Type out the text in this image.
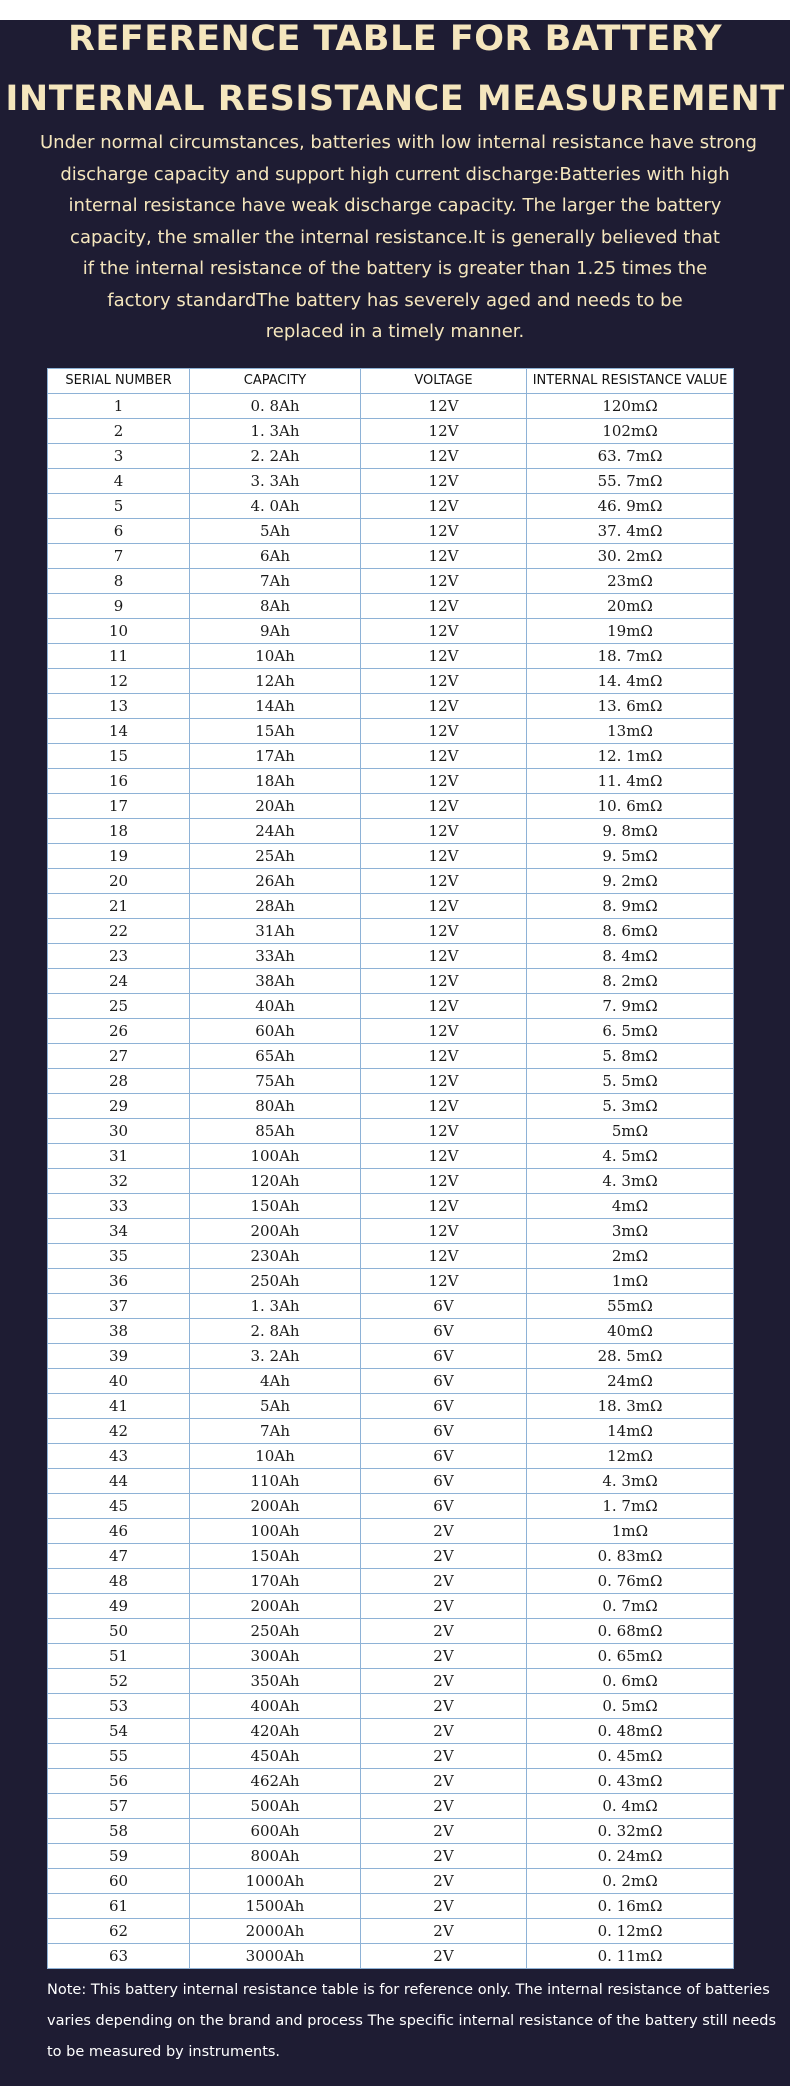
REFERENCE TABLE FOR BATTERY
INTERNAL RESISTANCE MEASUREMENT
Under normal circumstances, batteries with low internal resistance have strong
discharge capacity and support high current discharge:Batteries with high
internal resistance have weak discharge capacity. The larger the battery
capacity, the smaller the internal resistance.It is generally believed that
if the internal resistance of the battery is greater than 1.25 times the
factory standardThe battery has severely aged and needs to be
replaced in a timely manner.
SERIAL NUMBER	CAPACITY	VOLTAGE	INTERNAL RESISTANCE VALUE
1	0. 8Ah	12V	120mΩ
2	1. 3Ah	12V	102mΩ
3	2. 2Ah	12V	63. 7mΩ
4	3. 3Ah	12V	55. 7mΩ
5	4. 0Ah	12V	46. 9mΩ
6	5Ah	12V	37. 4mΩ
7	6Ah	12V	30. 2mΩ
8	7Ah	12V	23mΩ
9	8Ah	12V	20mΩ
10	9Ah	12V	19mΩ
11	10Ah	12V	18. 7mΩ
12	12Ah	12V	14. 4mΩ
13	14Ah	12V	13. 6mΩ
14	15Ah	12V	13mΩ
15	17Ah	12V	12. 1mΩ
16	18Ah	12V	11. 4mΩ
17	20Ah	12V	10. 6mΩ
18	24Ah	12V	9. 8mΩ
19	25Ah	12V	9. 5mΩ
20	26Ah	12V	9. 2mΩ
21	28Ah	12V	8. 9mΩ
22	31Ah	12V	8. 6mΩ
23	33Ah	12V	8. 4mΩ
24	38Ah	12V	8. 2mΩ
25	40Ah	12V	7. 9mΩ
26	60Ah	12V	6. 5mΩ
27	65Ah	12V	5. 8mΩ
28	75Ah	12V	5. 5mΩ
29	80Ah	12V	5. 3mΩ
30	85Ah	12V	5mΩ
31	100Ah	12V	4. 5mΩ
32	120Ah	12V	4. 3mΩ
33	150Ah	12V	4mΩ
34	200Ah	12V	3mΩ
35	230Ah	12V	2mΩ
36	250Ah	12V	1mΩ
37	1. 3Ah	6V	55mΩ
38	2. 8Ah	6V	40mΩ
39	3. 2Ah	6V	28. 5mΩ
40	4Ah	6V	24mΩ
41	5Ah	6V	18. 3mΩ
42	7Ah	6V	14mΩ
43	10Ah	6V	12mΩ
44	110Ah	6V	4. 3mΩ
45	200Ah	6V	1. 7mΩ
46	100Ah	2V	1mΩ
47	150Ah	2V	0. 83mΩ
48	170Ah	2V	0. 76mΩ
49	200Ah	2V	0. 7mΩ
50	250Ah	2V	0. 68mΩ
51	300Ah	2V	0. 65mΩ
52	350Ah	2V	0. 6mΩ
53	400Ah	2V	0. 5mΩ
54	420Ah	2V	0. 48mΩ
55	450Ah	2V	0. 45mΩ
56	462Ah	2V	0. 43mΩ
57	500Ah	2V	0. 4mΩ
58	600Ah	2V	0. 32mΩ
59	800Ah	2V	0. 24mΩ
60	1000Ah	2V	0. 2mΩ
61	1500Ah	2V	0. 16mΩ
62	2000Ah	2V	0. 12mΩ
63	3000Ah	2V	0. 11mΩ
Note: This battery internal resistance table is for reference only. The internal resistance of batteries
varies depending on the brand and process The specific internal resistance of the battery still needs
to be measured by instruments.
